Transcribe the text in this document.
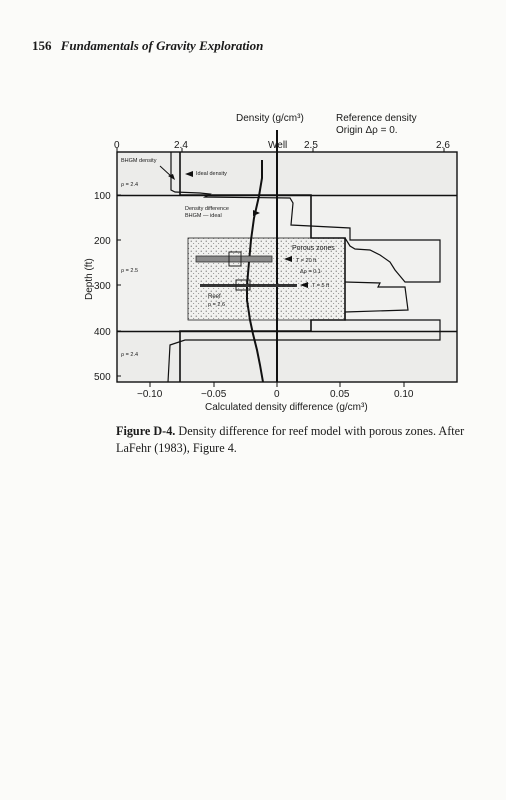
156 Fundamentals of Gravity Exploration
Density (g/cm³)	Reference density
Origin Δρ = 0.
Well
0	2.4	2.5	2.6
Depth (ft)
100
200
300
400
500
−0.10	−0.05	0	0.05	0.10
Calculated density difference (g/cm³)
BHGM density
Ideal density
ρ = 2.4
Density difference
BHGM — ideal
ρ = 2.5
Porous zones
T = 20 ft
Δρ = 0.1
T = 5 ft
Reef
ρ = 2.6
ρ = 2.4
Figure D-4. Density difference for reef model with porous zones. After LaFehr (1983), Figure 4.
